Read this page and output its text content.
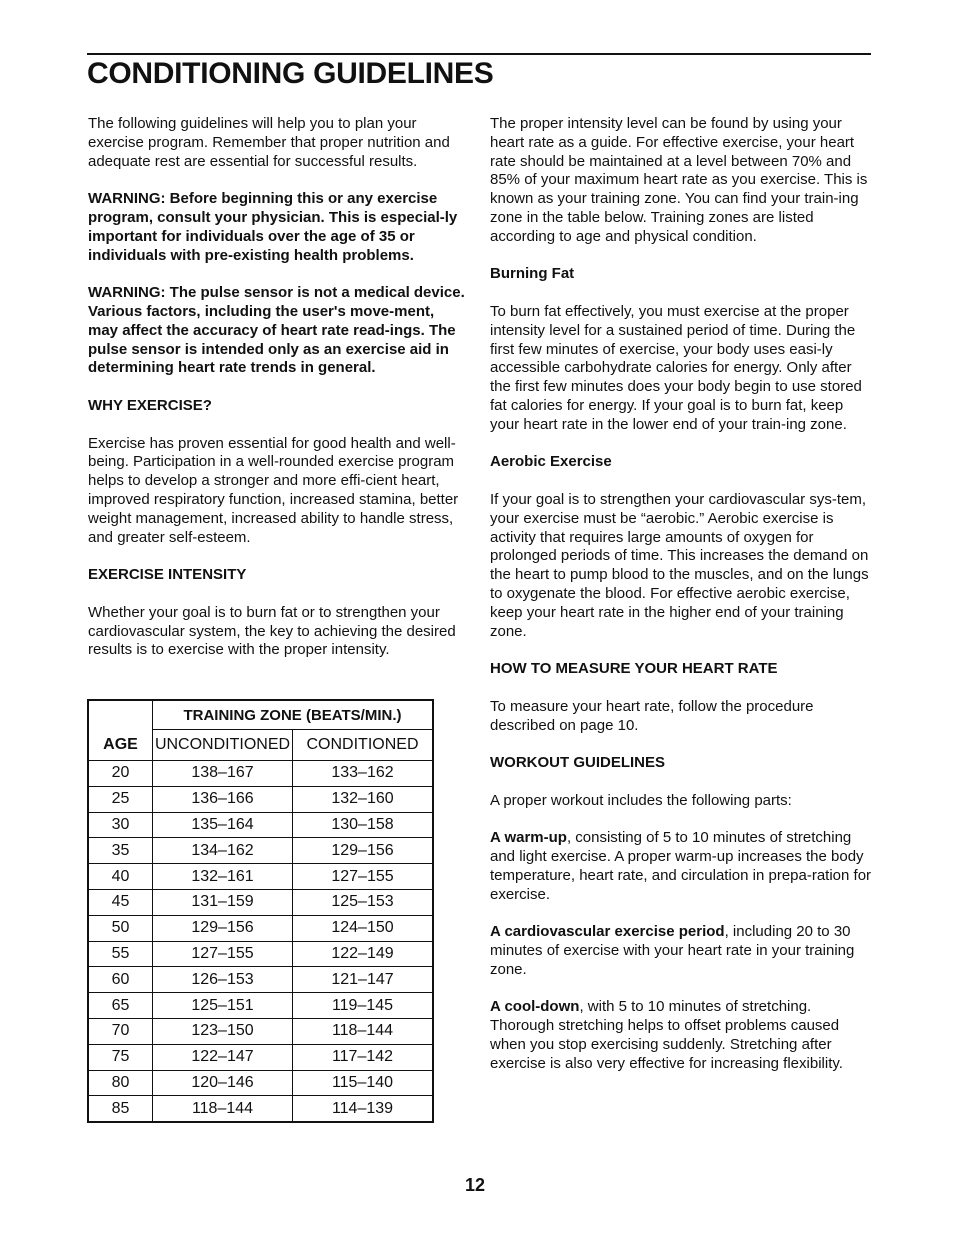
CONDITIONING GUIDELINES

The following guidelines will help you to plan your exercise program. Remember that proper nutrition and adequate rest are essential for successful results.

WARNING: Before beginning this or any exercise program, consult your physician. This is especial-ly important for individuals over the age of 35 or individuals with pre-existing health problems.

WARNING: The pulse sensor is not a medical device. Various factors, including the user's move-ment, may affect the accuracy of heart rate read-ings. The pulse sensor is intended only as an exercise aid in determining heart rate trends in general.

WHY EXERCISE?

Exercise has proven essential for good health and well-being. Participation in a well-rounded exercise program helps to develop a stronger and more effi-cient heart, improved respiratory function, increased stamina, better weight management, increased ability to handle stress, and greater self-esteem.

EXERCISE INTENSITY

Whether your goal is to burn fat or to strengthen your cardiovascular system, the key to achieving the desired results is to exercise with the proper intensity.

	TRAINING ZONE (BEATS/MIN.)	
AGE	UNCONDITIONED	CONDITIONED
20	138–167	133–162
25	136–166	132–160
30	135–164	130–158
35	134–162	129–156
40	132–161	127–155
45	131–159	125–153
50	129–156	124–150
55	127–155	122–149
60	126–153	121–147
65	125–151	119–145
70	123–150	118–144
75	122–147	117–142
80	120–146	115–140
85	118–144	114–139

The proper intensity level can be found by using your heart rate as a guide. For effective exercise, your heart rate should be maintained at a level between 70% and 85% of your maximum heart rate as you exercise. This is known as your training zone. You can find your train-ing zone in the table below. Training zones are listed according to age and physical condition.

Burning Fat

To burn fat effectively, you must exercise at the proper intensity level for a sustained period of time. During the first few minutes of exercise, your body uses easi-ly accessible carbohydrate calories for energy. Only after the first few minutes does your body begin to use stored fat calories for energy. If your goal is to burn fat, keep your heart rate in the lower end of your train-ing zone.

Aerobic Exercise

If your goal is to strengthen your cardiovascular sys-tem, your exercise must be “aerobic.” Aerobic exercise is activity that requires large amounts of oxygen for prolonged periods of time. This increases the demand on the heart to pump blood to the muscles, and on the lungs to oxygenate the blood. For effective aerobic exercise, keep your heart rate in the higher end of your training zone.

HOW TO MEASURE YOUR HEART RATE

To measure your heart rate, follow the procedure described on page 10.

WORKOUT GUIDELINES

A proper workout includes the following parts:

A warm-up, consisting of 5 to 10 minutes of stretching and light exercise. A proper warm-up increases the body temperature, heart rate, and circulation in prepa-ration for exercise.

A cardiovascular exercise period, including 20 to 30 minutes of exercise with your heart rate in your training zone.

A cool-down, with 5 to 10 minutes of stretching. Thorough stretching helps to offset problems caused when you stop exercising suddenly. Stretching after exercise is also very effective for increasing flexibility.

12
